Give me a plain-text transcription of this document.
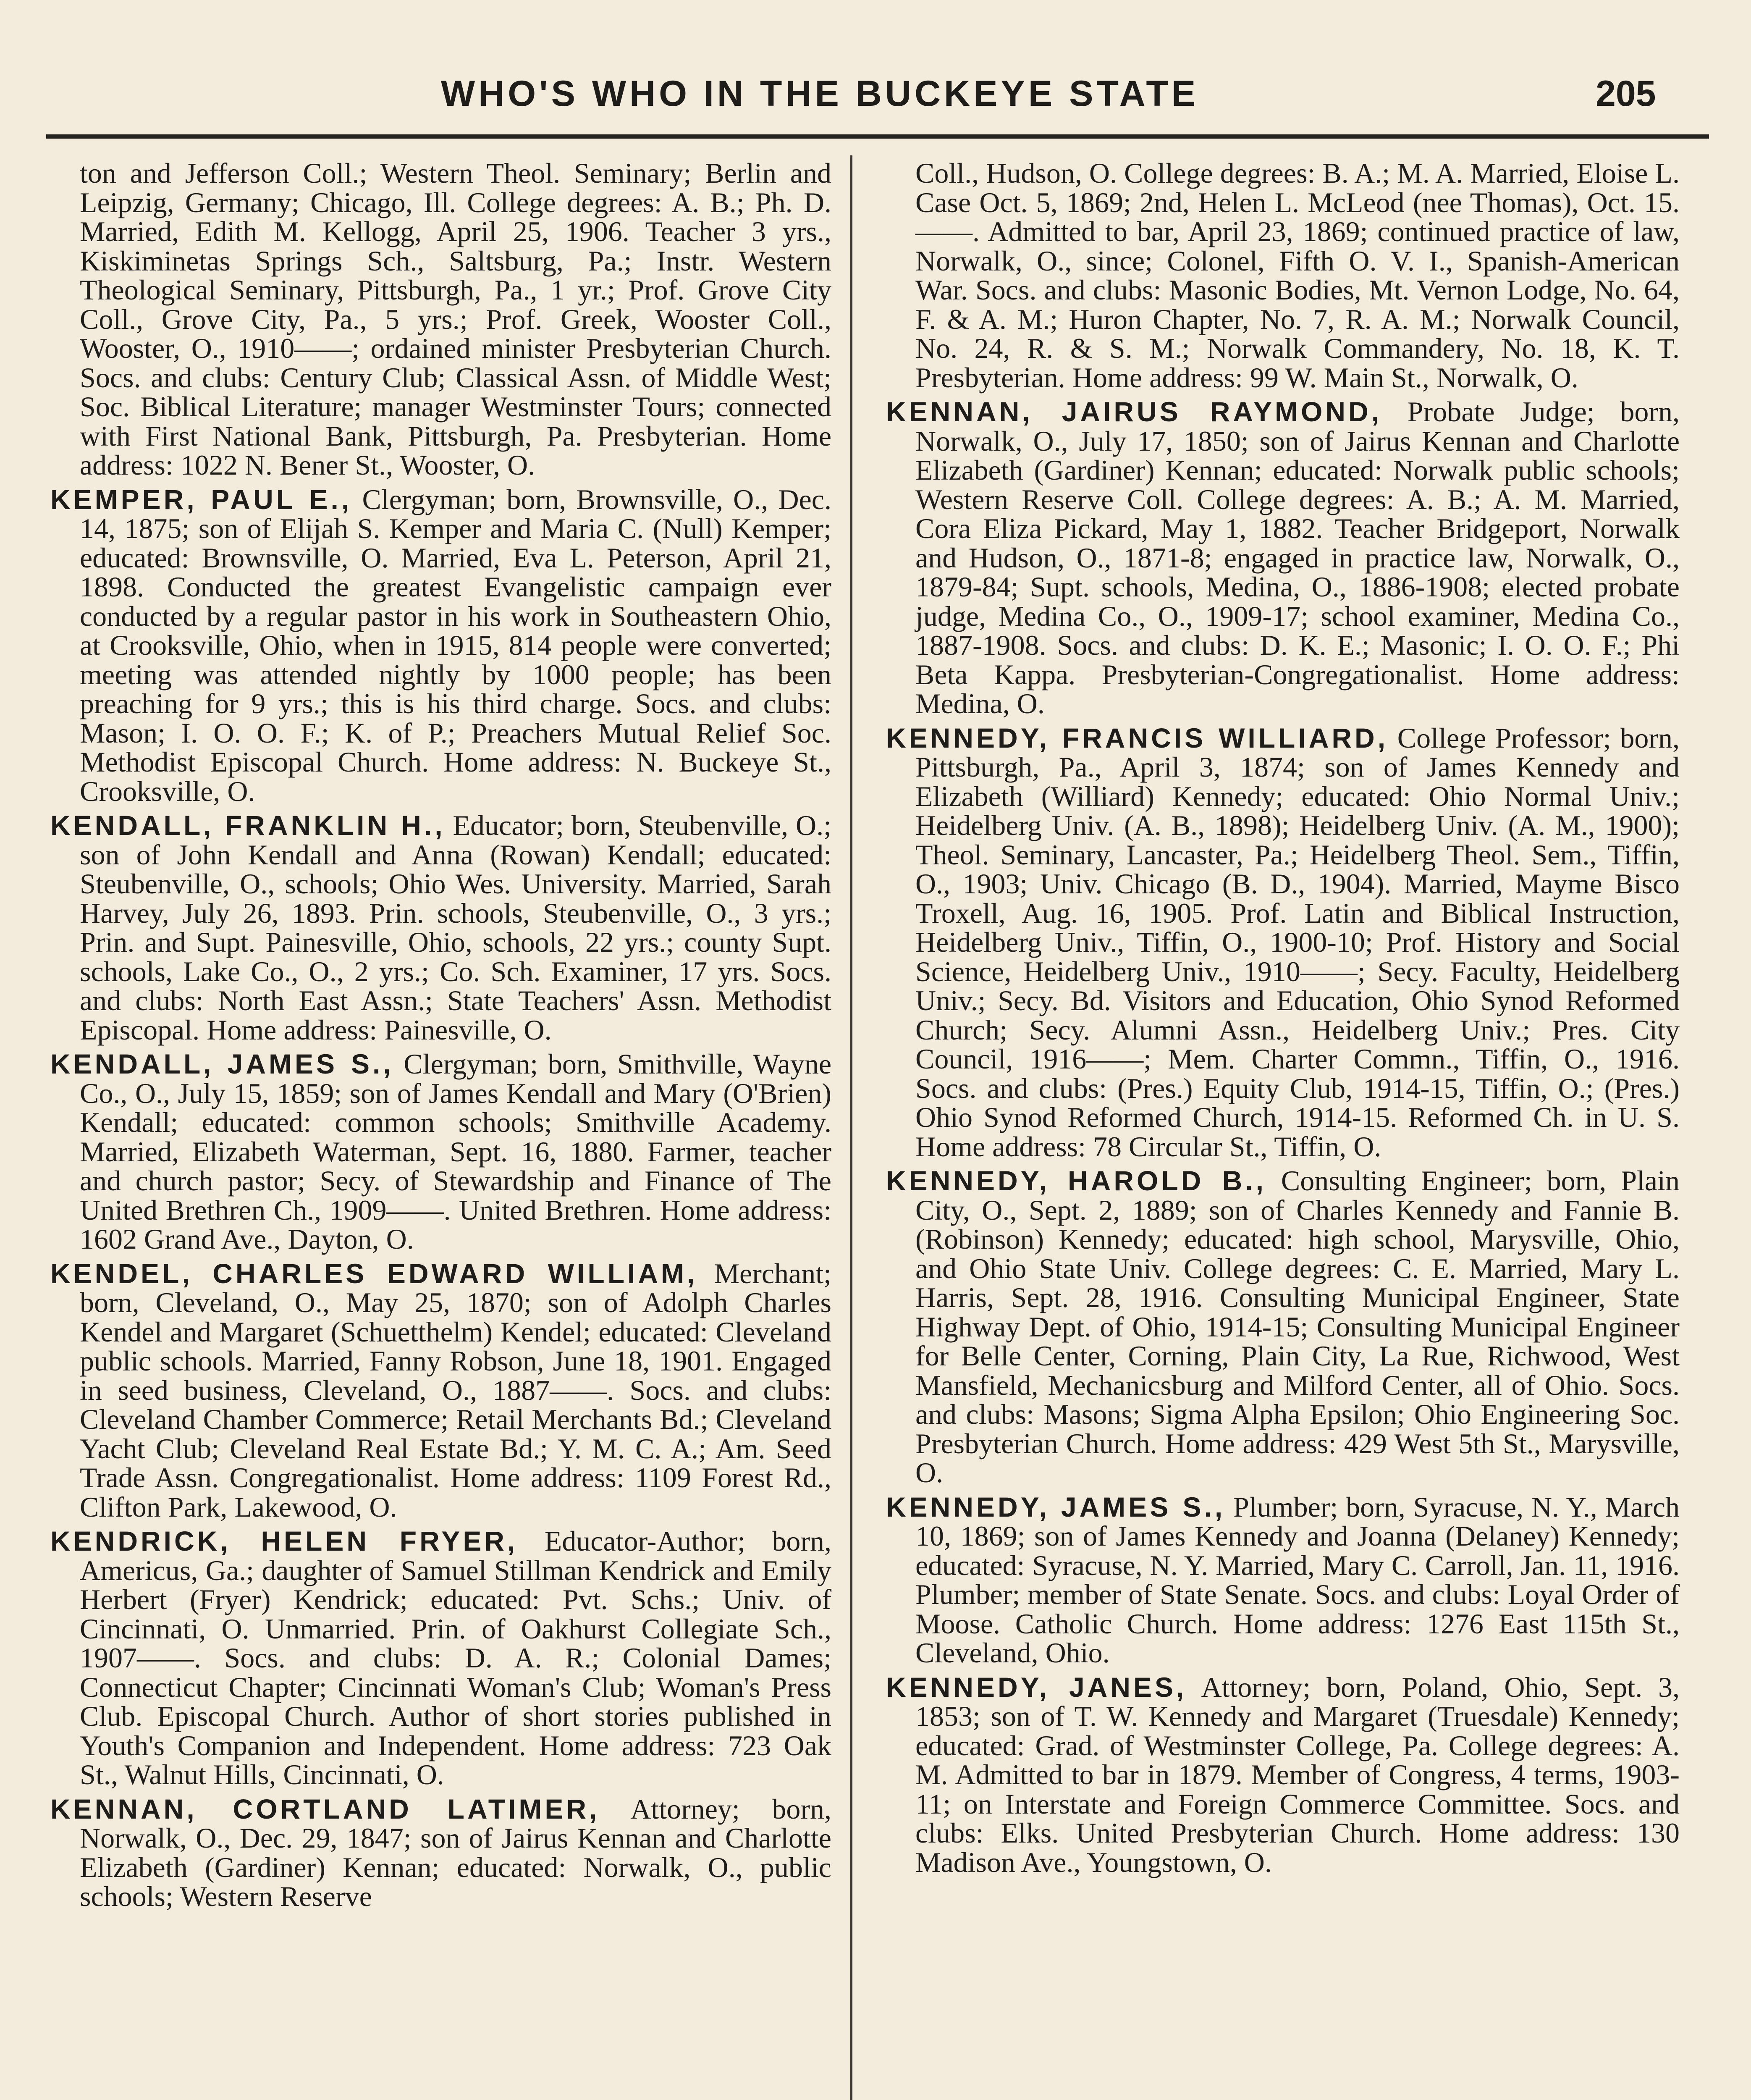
WHO'S WHO IN THE BUCKEYE STATE	205

ton and Jefferson Coll.; Western Theol. Seminary; Berlin and Leipzig, Germany; Chicago, Ill. College degrees: A. B.; Ph. D. Married, Edith M. Kellogg, April 25, 1906. Teacher 3 yrs., Kiskiminetas Springs Sch., Saltsburg, Pa.; Instr. Western Theological Seminary, Pittsburgh, Pa., 1 yr.; Prof. Grove City Coll., Grove City, Pa., 5 yrs.; Prof. Greek, Wooster Coll., Wooster, O., 1910——; ordained minister Presbyterian Church. Socs. and clubs: Century Club; Classical Assn. of Middle West; Soc. Biblical Literature; manager Westminster Tours; connected with First National Bank, Pittsburgh, Pa. Presbyterian. Home address: 1022 N. Bener St., Wooster, O.

KEMPER, PAUL E., Clergyman; born, Brownsville, O., Dec. 14, 1875; son of Elijah S. Kemper and Maria C. (Null) Kemper; educated: Brownsville, O. Married, Eva L. Peterson, April 21, 1898. Conducted the greatest Evangelistic campaign ever conducted by a regular pastor in his work in Southeastern Ohio, at Crooksville, Ohio, when in 1915, 814 people were converted; meeting was attended nightly by 1000 people; has been preaching for 9 yrs.; this is his third charge. Socs. and clubs: Mason; I. O. O. F.; K. of P.; Preachers Mutual Relief Soc. Methodist Episcopal Church. Home address: N. Buckeye St., Crooksville, O.

KENDALL, FRANKLIN H., Educator; born, Steubenville, O.; son of John Kendall and Anna (Rowan) Kendall; educated: Steubenville, O., schools; Ohio Wes. University. Married, Sarah Harvey, July 26, 1893. Prin. schools, Steubenville, O., 3 yrs.; Prin. and Supt. Painesville, Ohio, schools, 22 yrs.; county Supt. schools, Lake Co., O., 2 yrs.; Co. Sch. Examiner, 17 yrs. Socs. and clubs: North East Assn.; State Teachers' Assn. Methodist Episcopal. Home address: Painesville, O.

KENDALL, JAMES S., Clergyman; born, Smithville, Wayne Co., O., July 15, 1859; son of James Kendall and Mary (O'Brien) Kendall; educated: common schools; Smithville Academy. Married, Elizabeth Waterman, Sept. 16, 1880. Farmer, teacher and church pastor; Secy. of Stewardship and Finance of The United Brethren Ch., 1909——. United Brethren. Home address: 1602 Grand Ave., Dayton, O.

KENDEL, CHARLES EDWARD WILLIAM, Merchant; born, Cleveland, O., May 25, 1870; son of Adolph Charles Kendel and Margaret (Schuetthelm) Kendel; educated: Cleveland public schools. Married, Fanny Robson, June 18, 1901. Engaged in seed business, Cleveland, O., 1887——. Socs. and clubs: Cleveland Chamber Commerce; Retail Merchants Bd.; Cleveland Yacht Club; Cleveland Real Estate Bd.; Y. M. C. A.; Am. Seed Trade Assn. Congregationalist. Home address: 1109 Forest Rd., Clifton Park, Lakewood, O.

KENDRICK, HELEN FRYER, Educator-Author; born, Americus, Ga.; daughter of Samuel Stillman Kendrick and Emily Herbert (Fryer) Kendrick; educated: Pvt. Schs.; Univ. of Cincinnati, O. Unmarried. Prin. of Oakhurst Collegiate Sch., 1907——. Socs. and clubs: D. A. R.; Colonial Dames; Connecticut Chapter; Cincinnati Woman's Club; Woman's Press Club. Episcopal Church. Author of short stories published in Youth's Companion and Independent. Home address: 723 Oak St., Walnut Hills, Cincinnati, O.

KENNAN, CORTLAND LATIMER, Attorney; born, Norwalk, O., Dec. 29, 1847; son of Jairus Kennan and Charlotte Elizabeth (Gardiner) Kennan; educated: Norwalk, O., public schools; Western Reserve

Coll., Hudson, O. College degrees: B. A.; M. A. Married, Eloise L. Case Oct. 5, 1869; 2nd, Helen L. McLeod (nee Thomas), Oct. 15. ——. Admitted to bar, April 23, 1869; continued practice of law, Norwalk, O., since; Colonel, Fifth O. V. I., Spanish-American War. Socs. and clubs: Masonic Bodies, Mt. Vernon Lodge, No. 64, F. & A. M.; Huron Chapter, No. 7, R. A. M.; Norwalk Council, No. 24, R. & S. M.; Norwalk Commandery, No. 18, K. T. Presbyterian. Home address: 99 W. Main St., Norwalk, O.

KENNAN, JAIRUS RAYMOND, Probate Judge; born, Norwalk, O., July 17, 1850; son of Jairus Kennan and Charlotte Elizabeth (Gardiner) Kennan; educated: Norwalk public schools; Western Reserve Coll. College degrees: A. B.; A. M. Married, Cora Eliza Pickard, May 1, 1882. Teacher Bridgeport, Norwalk and Hudson, O., 1871-8; engaged in practice law, Norwalk, O., 1879-84; Supt. schools, Medina, O., 1886-1908; elected probate judge, Medina Co., O., 1909-17; school examiner, Medina Co., 1887-1908. Socs. and clubs: D. K. E.; Masonic; I. O. O. F.; Phi Beta Kappa. Presbyterian-Congregationalist. Home address: Medina, O.

KENNEDY, FRANCIS WILLIARD, College Professor; born, Pittsburgh, Pa., April 3, 1874; son of James Kennedy and Elizabeth (Williard) Kennedy; educated: Ohio Normal Univ.; Heidelberg Univ. (A. B., 1898); Heidelberg Univ. (A. M., 1900); Theol. Seminary, Lancaster, Pa.; Heidelberg Theol. Sem., Tiffin, O., 1903; Univ. Chicago (B. D., 1904). Married, Mayme Bisco Troxell, Aug. 16, 1905. Prof. Latin and Biblical Instruction, Heidelberg Univ., Tiffin, O., 1900-10; Prof. History and Social Science, Heidelberg Univ., 1910——; Secy. Faculty, Heidelberg Univ.; Secy. Bd. Visitors and Education, Ohio Synod Reformed Church; Secy. Alumni Assn., Heidelberg Univ.; Pres. City Council, 1916——; Mem. Charter Commn., Tiffin, O., 1916. Socs. and clubs: (Pres.) Equity Club, 1914-15, Tiffin, O.; (Pres.) Ohio Synod Reformed Church, 1914-15. Reformed Ch. in U. S. Home address: 78 Circular St., Tiffin, O.

KENNEDY, HAROLD B., Consulting Engineer; born, Plain City, O., Sept. 2, 1889; son of Charles Kennedy and Fannie B. (Robinson) Kennedy; educated: high school, Marysville, Ohio, and Ohio State Univ. College degrees: C. E. Married, Mary L. Harris, Sept. 28, 1916. Consulting Municipal Engineer, State Highway Dept. of Ohio, 1914-15; Consulting Municipal Engineer for Belle Center, Corning, Plain City, La Rue, Richwood, West Mansfield, Mechanicsburg and Milford Center, all of Ohio. Socs. and clubs: Masons; Sigma Alpha Epsilon; Ohio Engineering Soc. Presbyterian Church. Home address: 429 West 5th St., Marysville, O.

KENNEDY, JAMES S., Plumber; born, Syracuse, N. Y., March 10, 1869; son of James Kennedy and Joanna (Delaney) Kennedy; educated: Syracuse, N. Y. Married, Mary C. Carroll, Jan. 11, 1916. Plumber; member of State Senate. Socs. and clubs: Loyal Order of Moose. Catholic Church. Home address: 1276 East 115th St., Cleveland, Ohio.

KENNEDY, JANES, Attorney; born, Poland, Ohio, Sept. 3, 1853; son of T. W. Kennedy and Margaret (Truesdale) Kennedy; educated: Grad. of Westminster College, Pa. College degrees: A. M. Admitted to bar in 1879. Member of Congress, 4 terms, 1903-11; on Interstate and Foreign Commerce Committee. Socs. and clubs: Elks. United Presbyterian Church. Home address: 130 Madison Ave., Youngstown, O.
